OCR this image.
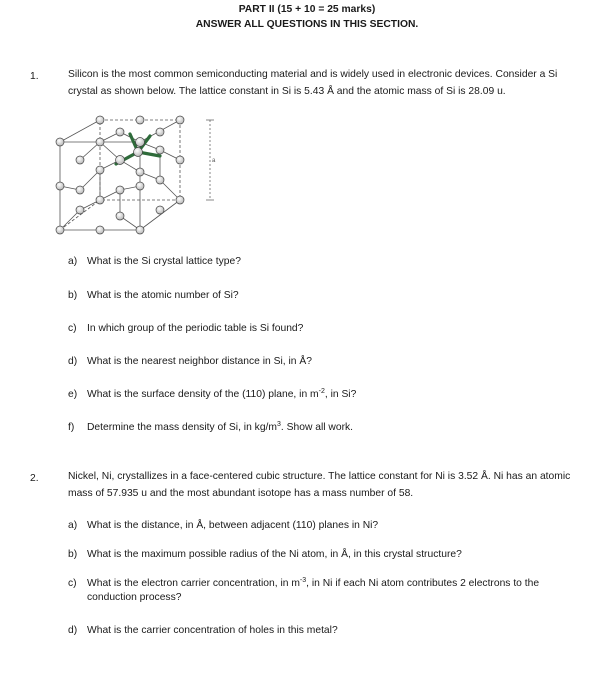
PART II (15 + 10 = 25 marks)
ANSWER ALL QUESTIONS IN THIS SECTION.
1.	Silicon is the most common semiconducting material and is widely used in electronic devices. Consider a Si
crystal as shown below. The lattice constant in Si is 5.43 Å and the atomic mass of Si is 28.09 u.
a
a) What is the Si crystal lattice type?
b) What is the atomic number of Si?
c) In which group of the periodic table is Si found?
d) What is the nearest neighbor distance in Si, in Å?
e) What is the surface density of the (110) plane, in $m^{-2}$, in Si?
f) Determine the mass density of Si, in $kg/m^3$. Show all work.
2.	Nickel, Ni, crystallizes in a face-centered cubic structure. The lattice constant for Ni is 3.52 Å. Ni has an atomic
mass of 57.935 u and the most abundant isotope has a mass number of 58.
a) What is the distance, in Å, between adjacent (110) planes in Ni?
b) What is the maximum possible radius of the Ni atom, in Å, in this crystal structure?
c) What is the electron carrier concentration, in $m^{-3}$, in Ni if each Ni atom contributes 2 electrons to the
conduction process?
d) What is the carrier concentration of holes in this metal?
